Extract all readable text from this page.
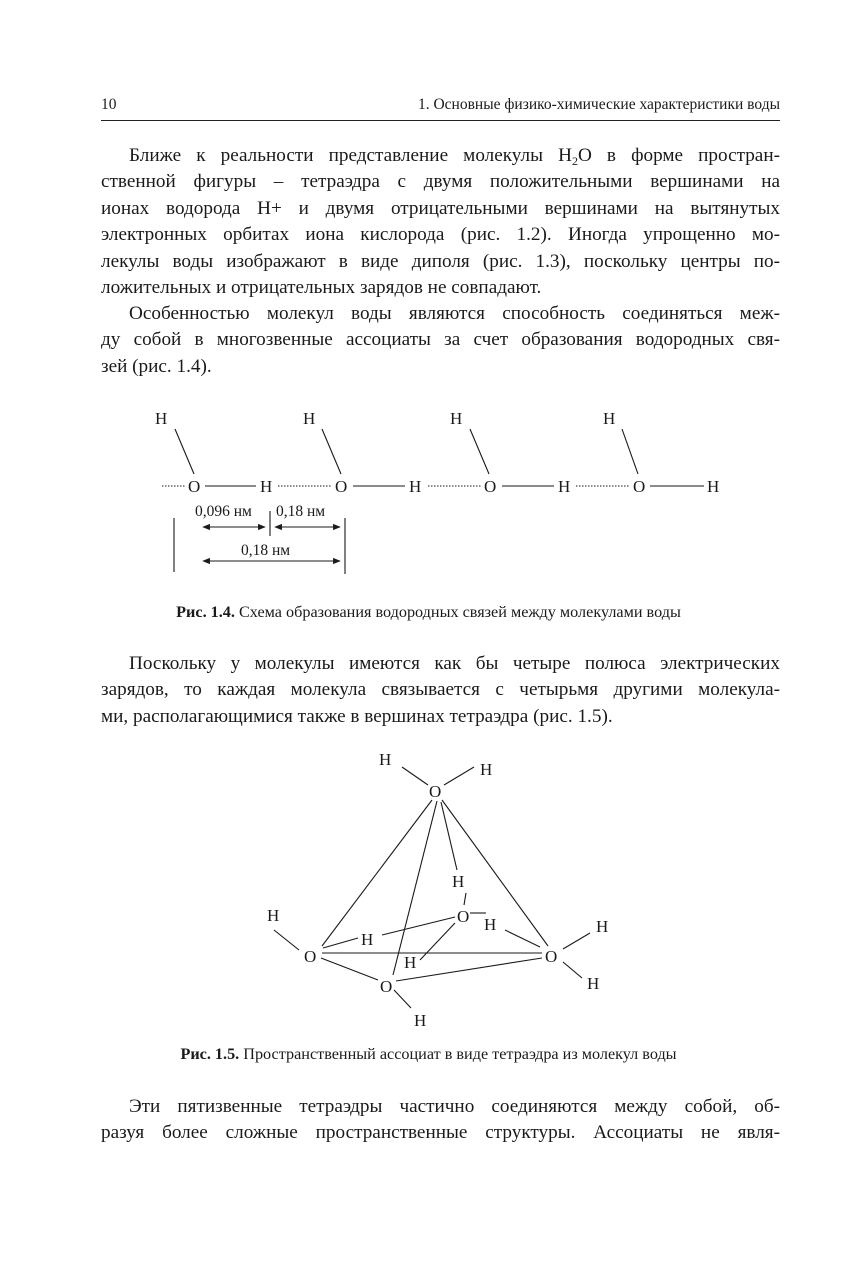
10	1. Основные физико-химические характеристики воды
Ближе к реальности представление молекулы $H_2O$ в форме простран-
ственной фигуры – тетраэдра с двумя положительными вершинами на
ионах водорода H+ и двумя отрицательными вершинами на вытянутых
электронных орбитах иона кислорода (рис. 1.2). Иногда упрощенно мо-
лекулы воды изображают в виде диполя (рис. 1.3), поскольку центры по-
ложительных и отрицательных зарядов не совпадают.
Особенностью молекул воды являются способность соединяться меж-
ду собой в многозвенные ассоциаты за счет образования водородных свя-
зей (рис. 1.4).
H	H	H	H
O	H	O	H	O	H	O	H
0,096 нм 0,18 нм
0,18 нм
Рис. 1.4. Схема образования водородных связей между молекулами воды
Поскольку у молекулы имеются как бы четыре полюса электрических
зарядов, то каждая молекула связывается с четырьмя другими молекула-
ми, располагающимися также в вершинах тетраэдра (рис. 1.5).
H
H
O
H
O H
H
H
O	H
O
H
O
H
H
Рис. 1.5. Пространственный ассоциат в виде тетраэдра из молекул воды
Эти пятизвенные тетраэдры частично соединяются между собой, об-
разуя более сложные пространственные структуры. Ассоциаты не явля-
